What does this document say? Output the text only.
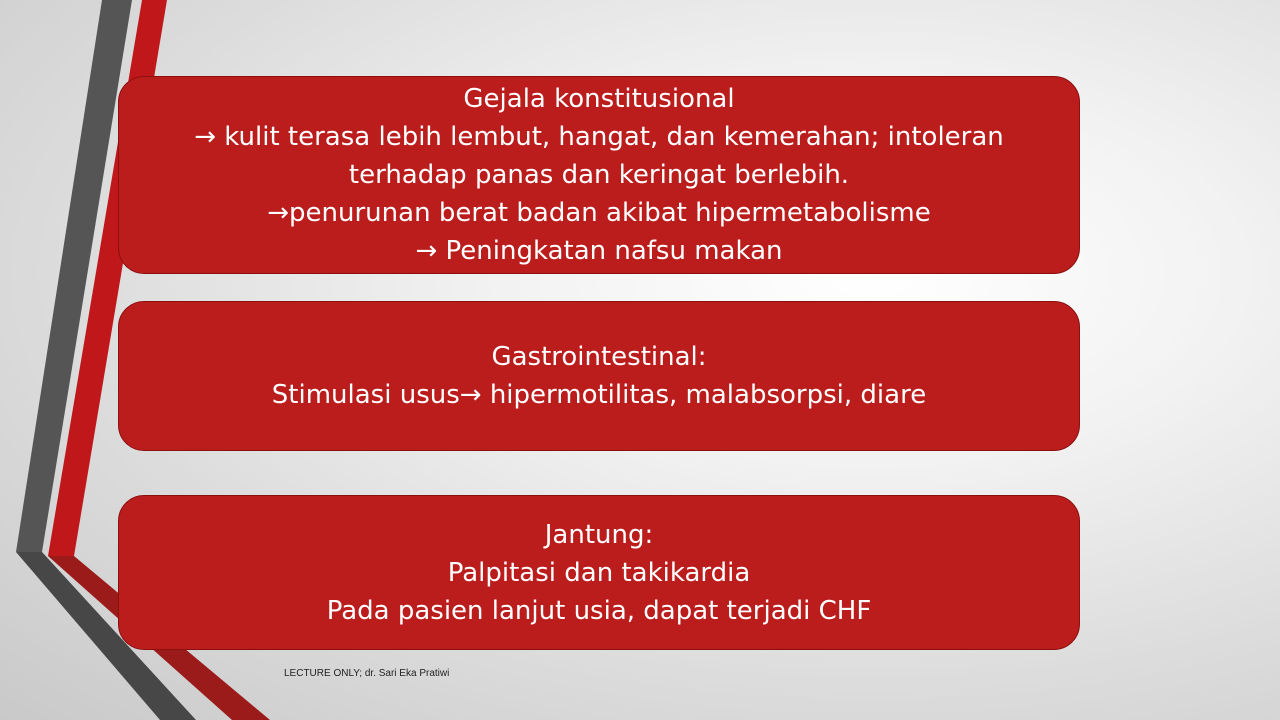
Gejala konstitusional
→ kulit terasa lebih lembut, hangat, dan kemerahan; intoleran
terhadap panas dan keringat berlebih.
→penurunan berat badan akibat hipermetabolisme
→ Peningkatan nafsu makan
Gastrointestinal:
Stimulasi usus→ hipermotilitas, malabsorpsi, diare
Jantung:
Palpitasi dan takikardia
Pada pasien lanjut usia, dapat terjadi CHF
LECTURE ONLY; dr. Sari Eka Pratiwi
